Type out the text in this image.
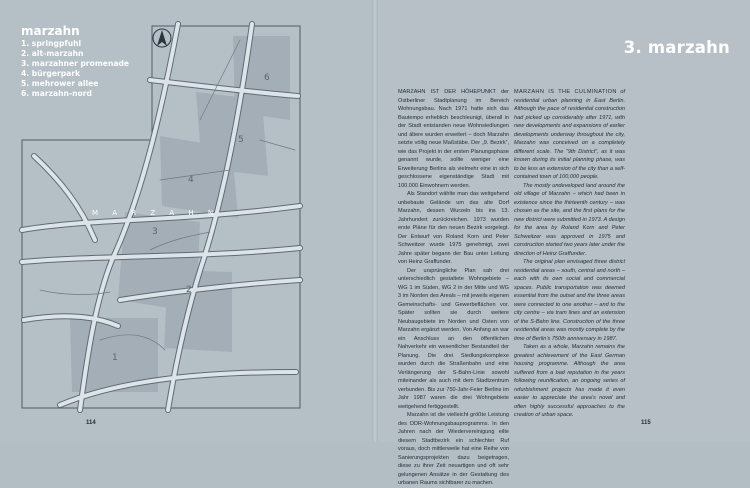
M A R Z A H N
6
5
4
3
2
1
marzahn
1. springpfuhl
2. alt-marzahn
3. marzahner promenade
4. bürgerpark
5. mehrower allee
6. marzahn-nord
3. marzahn

MARZAHN IST DER HÖHEPUNKT der Ostberliner Stadtplanung im Bereich Wohnungsbau. Nach 1971 hatte sich das Bautempo erheblich beschleunigt, überall in der Stadt entstanden neue Wohnsiedlungen und ältere wurden erweitert – doch Marzahn setzte völlig neue Maßstäbe. Der „9. Bezirk“, wie das Projekt in der ersten Planungsphase genannt wurde, sollte weniger eine Erweiterung Berlins als vielmehr eine in sich geschlossene eigenständige Stadt mit 100.000 Einwohnern werden.

Als Standort wählte man das weitgehend unbebaute Gelände um das alte Dorf Marzahn, dessen Wurzeln bis ins 13. Jahrhundert zurückreichen. 1973 wurden erste Pläne für den neuen Bezirk vorgelegt. Der Entwurf von Roland Korn und Peter Schweitzer wurde 1975 genehmigt, zwei Jahre später begann der Bau unter Leitung von Heinz Graffunder.

Der ursprüngliche Plan sah drei unterschiedlich gestaltete Wohngebiete – WG 1 im Süden, WG 2 in der Mitte und WG 3 im Norden des Areals – mit jeweils eigenen Gemeinschafts- und Gewerbeflächen vor. Später sollten sie durch weitere Neubaugebiete im Norden und Osten von Marzahn ergänzt werden. Von Anfang an war ein Anschluss an den öffentlichen Nahverkehr ein wesentlicher Bestandteil der Planung. Die drei Siedlungskomplexe wurden durch die Straßenbahn und eine Verlängerung der S-Bahn-Linie sowohl miteinander als auch mit dem Stadtzentrum verbunden. Bis zur 750-Jahr-Feier Berlins im Jahr 1987 waren die drei Wohngebiete weitgehend fertiggestellt.

Marzahn ist die vielleicht größte Leistung des DDR-Wohnungsbauprogramms. In den Jahren nach der Wiedervereinigung eilte diesem Stadtbezirk ein schlechter Ruf voraus, doch mittlerweile hat eine Reihe von Sanierungsprojekten dazu beigetragen, diese zu ihrer Zeit neuartigen und oft sehr gelungenen Ansätze in der Gestaltung des urbanen Raums sichtbarer zu machen.

MARZAHN IS THE CULMINATION of residential urban planning in East Berlin. Although the pace of residential construction had picked up considerably after 1971, with new developments and expansions of earlier developments underway throughout the city, Marzahn was conceived on a completely different scale. The “9th District”, as it was known during its initial planning phase, was to be less an extension of the city than a self-contained town of 100,000 people.

The mostly undeveloped land around the old village of Marzahn – which had been in existence since the thirteenth century – was chosen as the site, and the first plans for the new district were submitted in 1973. A design for the area by Roland Korn and Peter Schweitzer was approved in 1975 and construction started two years later under the direction of Heinz Graffunder.

The original plan envisaged three district residential areas – south, central and north – each with its own social and commercial spaces. Public transportation was deemed essential from the outset and the three areas were connected to one another – and to the city centre – via tram lines and an extension of the S-Bahn line. Construction of the three residential areas was mostly complete by the time of Berlin’s 750th anniversary in 1987.

Taken as a whole, Marzahn remains the greatest achievement of the East German housing programme. Although the area suffered from a bad reputation in the years following reunification, an ongoing series of refurbishment projects has made it even easier to appreciate the area’s novel and often highly successful approaches to the creation of urban space.

114	115
